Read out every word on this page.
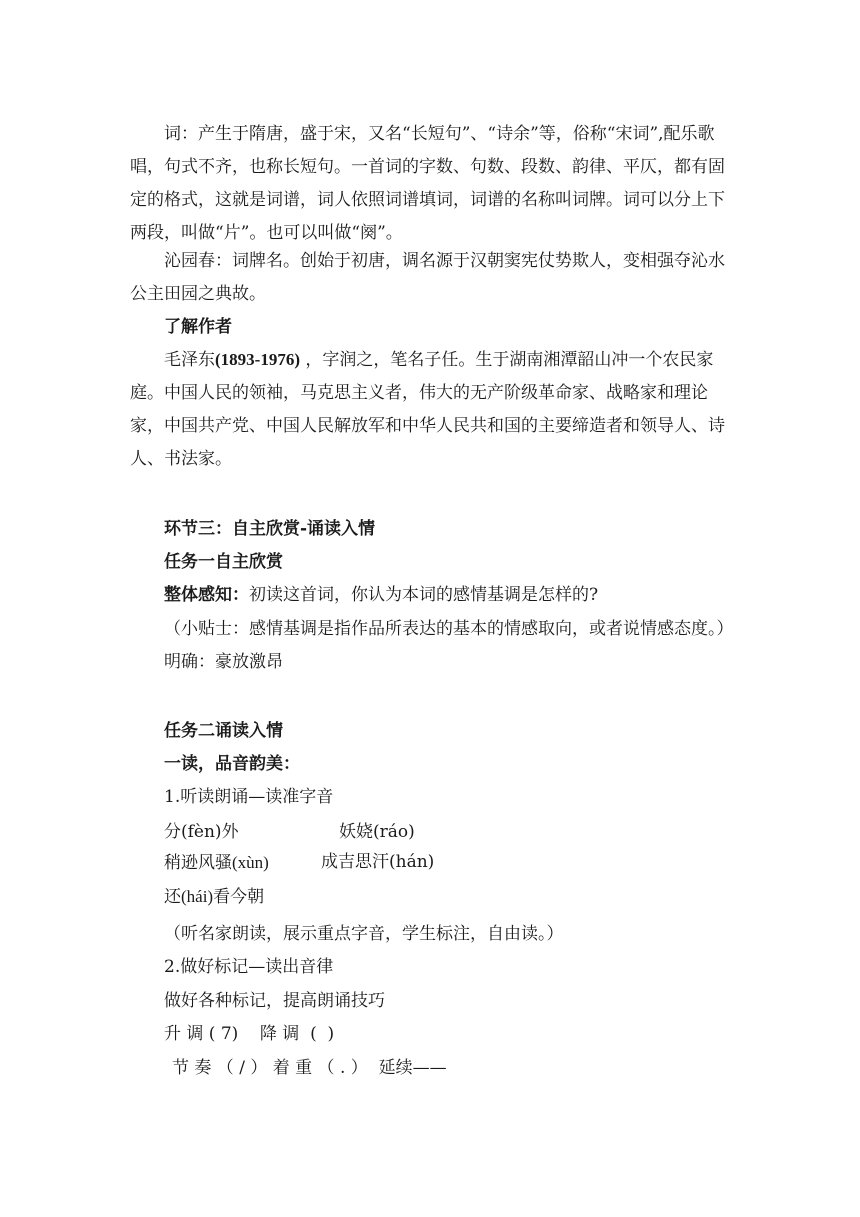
词：产生于隋唐，盛于宋，又名“长短句”、“诗余”等，俗称“宋词”,配乐歌唱，句式不齐，也称长短句。一首词的字数、句数、段数、韵律、平仄，都有固定的格式，这就是词谱，词人依照词谱填词，词谱的名称叫词牌。词可以分上下两段，叫做“片”。也可以叫做“阕”。

沁园春：词牌名。创始于初唐，调名源于汉朝窦宪仗势欺人，变相强夺沁水公主田园之典故。

了解作者

毛泽东(1893-1976) ，字润之，笔名子任。生于湖南湘潭韶山冲一个农民家庭。中国人民的领袖，马克思主义者，伟大的无产阶级革命家、战略家和理论家，中国共产党、中国人民解放军和中华人民共和国的主要缔造者和领导人、诗人、书法家。

环节三：自主欣赏-诵读入情

任务一自主欣赏

整体感知：初读这首词，你认为本词的感情基调是怎样的?

（小贴士：感情基调是指作品所表达的基本的情感取向，或者说情感态度。）

明确：豪放激昂

任务二诵读入情

一读，品音韵美：

1.听读朗诵—读准字音

分(fèn)外	妖娆(ráo)

稍逊风骚(xùn)	成吉思汗(hán)

还(hái)看今朝

（听名家朗读，展示重点字音，学生标注，自由读。）

2.做好标记—读出音律

做好各种标记，提高朗诵技巧

升 调 ( 7)    降 调  (  )

节 奏 （ / ） 着 重 （ . ）  延续——
